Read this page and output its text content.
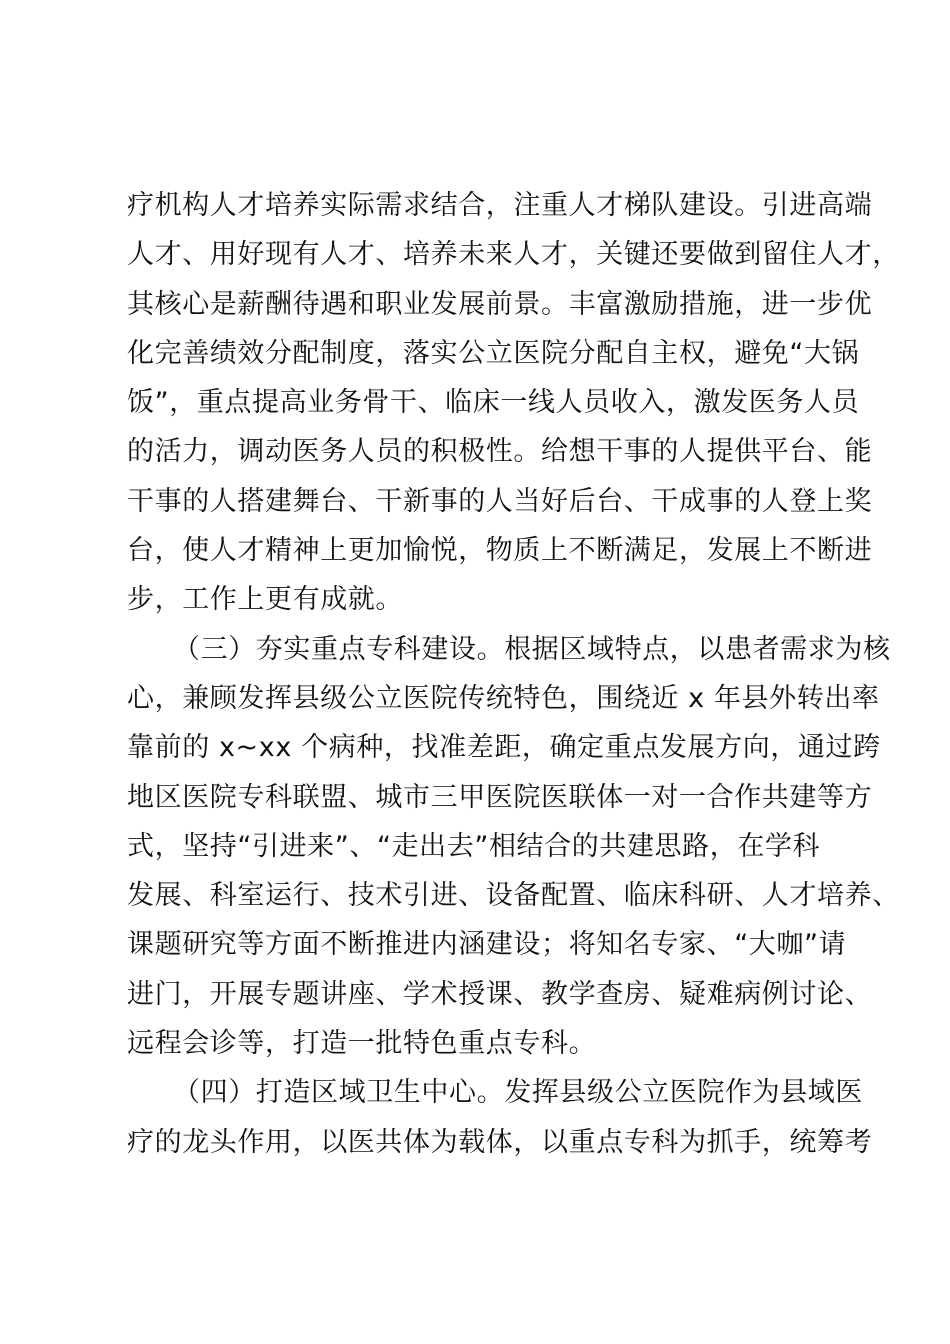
疗机构人才培养实际需求结合，注重人才梯队建设。引进高端
人才、用好现有人才、培养未来人才，关键还要做到留住人才，
其核心是薪酬待遇和职业发展前景。丰富激励措施，进一步优
化完善绩效分配制度，落实公立医院分配自主权，避免“大锅
饭”，重点提高业务骨干、临床一线人员收入，激发医务人员
的活力，调动医务人员的积极性。给想干事的人提供平台、能
干事的人搭建舞台、干新事的人当好后台、干成事的人登上奖
台，使人才精神上更加愉悦，物质上不断满足，发展上不断进
步，工作上更有成就。
（三）夯实重点专科建设。根据区域特点，以患者需求为核
心，兼顾发挥县级公立医院传统特色，围绕近 x 年县外转出率
靠前的 x~xx 个病种，找准差距，确定重点发展方向，通过跨
地区医院专科联盟、城市三甲医院医联体一对一合作共建等方
式，坚持“引进来”、“走出去”相结合的共建思路，在学科
发展、科室运行、技术引进、设备配置、临床科研、人才培养、
课题研究等方面不断推进内涵建设；将知名专家、“大咖”请
进门，开展专题讲座、学术授课、教学查房、疑难病例讨论、
远程会诊等，打造一批特色重点专科。
（四）打造区域卫生中心。发挥县级公立医院作为县域医
疗的龙头作用，以医共体为载体，以重点专科为抓手，统筹考
